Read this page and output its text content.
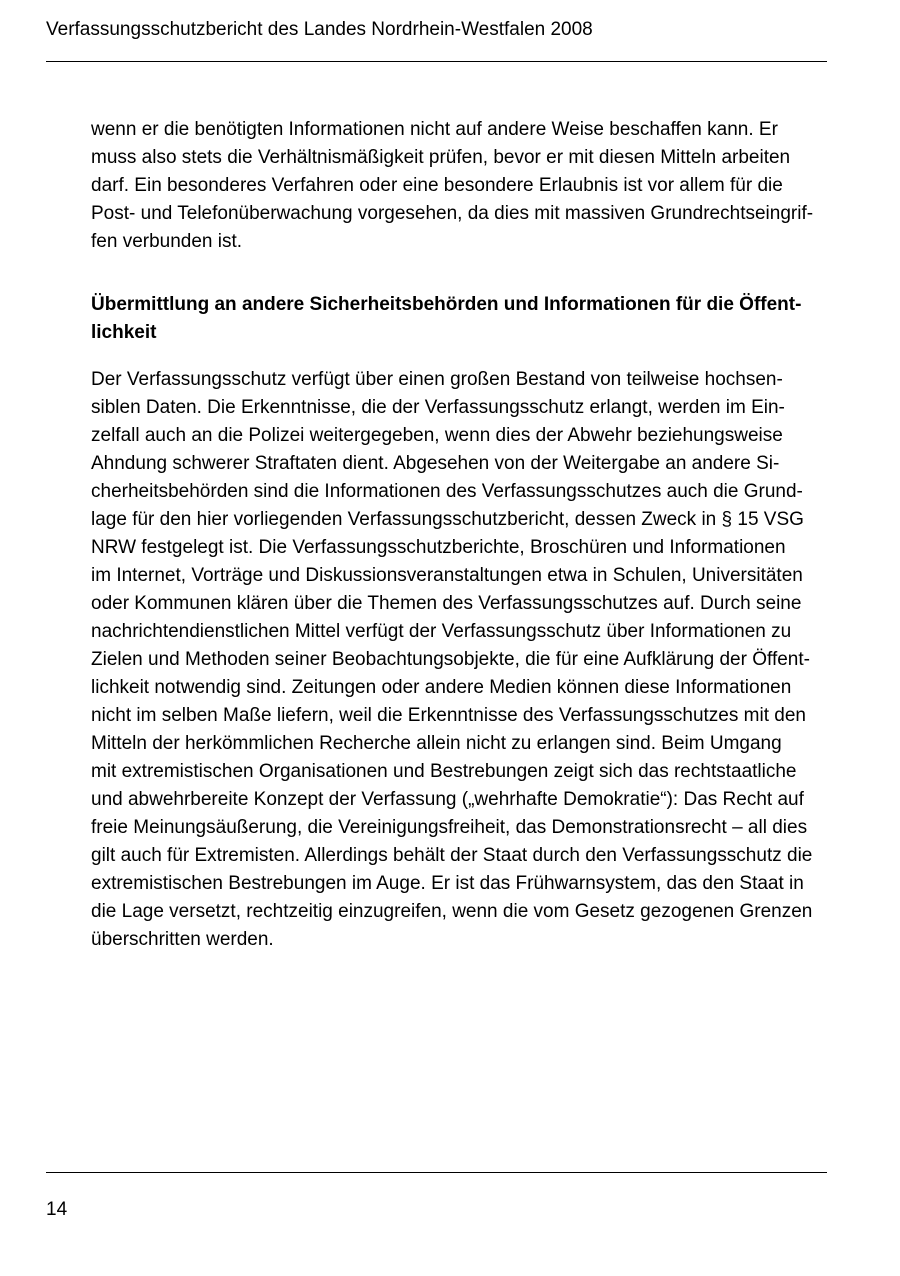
Verfassungsschutzbericht des Landes Nordrhein-Westfalen 2008
wenn er die benötigten Informationen nicht auf andere Weise beschaffen kann. Er
muss also stets die Verhältnismäßigkeit prüfen, bevor er mit diesen Mitteln arbeiten
darf. Ein besonderes Verfahren oder eine besondere Erlaubnis ist vor allem für die
Post- und Telefonüberwachung vorgesehen, da dies mit massiven Grundrechtseingrif-
fen verbunden ist.
Übermittlung an andere Sicherheitsbehörden und Informationen für die Öffent-
lichkeit
Der Verfassungsschutz verfügt über einen großen Bestand von teilweise hochsen-
siblen Daten. Die Erkenntnisse, die der Verfassungsschutz erlangt, werden im Ein-
zelfall auch an die Polizei weitergegeben, wenn dies der Abwehr beziehungsweise
Ahndung schwerer Straftaten dient. Abgesehen von der Weitergabe an andere Si-
cherheitsbehörden sind die Informationen des Verfassungsschutzes auch die Grund-
lage für den hier vorliegenden Verfassungsschutzbericht, dessen Zweck in § 15 VSG
NRW festgelegt ist. Die Verfassungsschutzberichte, Broschüren und Informationen
im Internet, Vorträge und Diskussionsveranstaltungen etwa in Schulen, Universitäten
oder Kommunen klären über die Themen des Verfassungsschutzes auf. Durch seine
nachrichtendienstlichen Mittel verfügt der Verfassungsschutz über Informationen zu
Zielen und Methoden seiner Beobachtungsobjekte, die für eine Aufklärung der Öffent-
lichkeit notwendig sind. Zeitungen oder andere Medien können diese Informationen
nicht im selben Maße liefern, weil die Erkenntnisse des Verfassungsschutzes mit den
Mitteln der herkömmlichen Recherche allein nicht zu erlangen sind. Beim Umgang
mit extremistischen Organisationen und Bestrebungen zeigt sich das rechtstaatliche
und abwehrbereite Konzept der Verfassung („wehrhafte Demokratie“): Das Recht auf
freie Meinungsäußerung, die Vereinigungsfreiheit, das Demonstrationsrecht – all dies
gilt auch für Extremisten. Allerdings behält der Staat durch den Verfassungsschutz die
extremistischen Bestrebungen im Auge. Er ist das Frühwarnsystem, das den Staat in
die Lage versetzt, rechtzeitig einzugreifen, wenn die vom Gesetz gezogenen Grenzen
überschritten werden.
14
